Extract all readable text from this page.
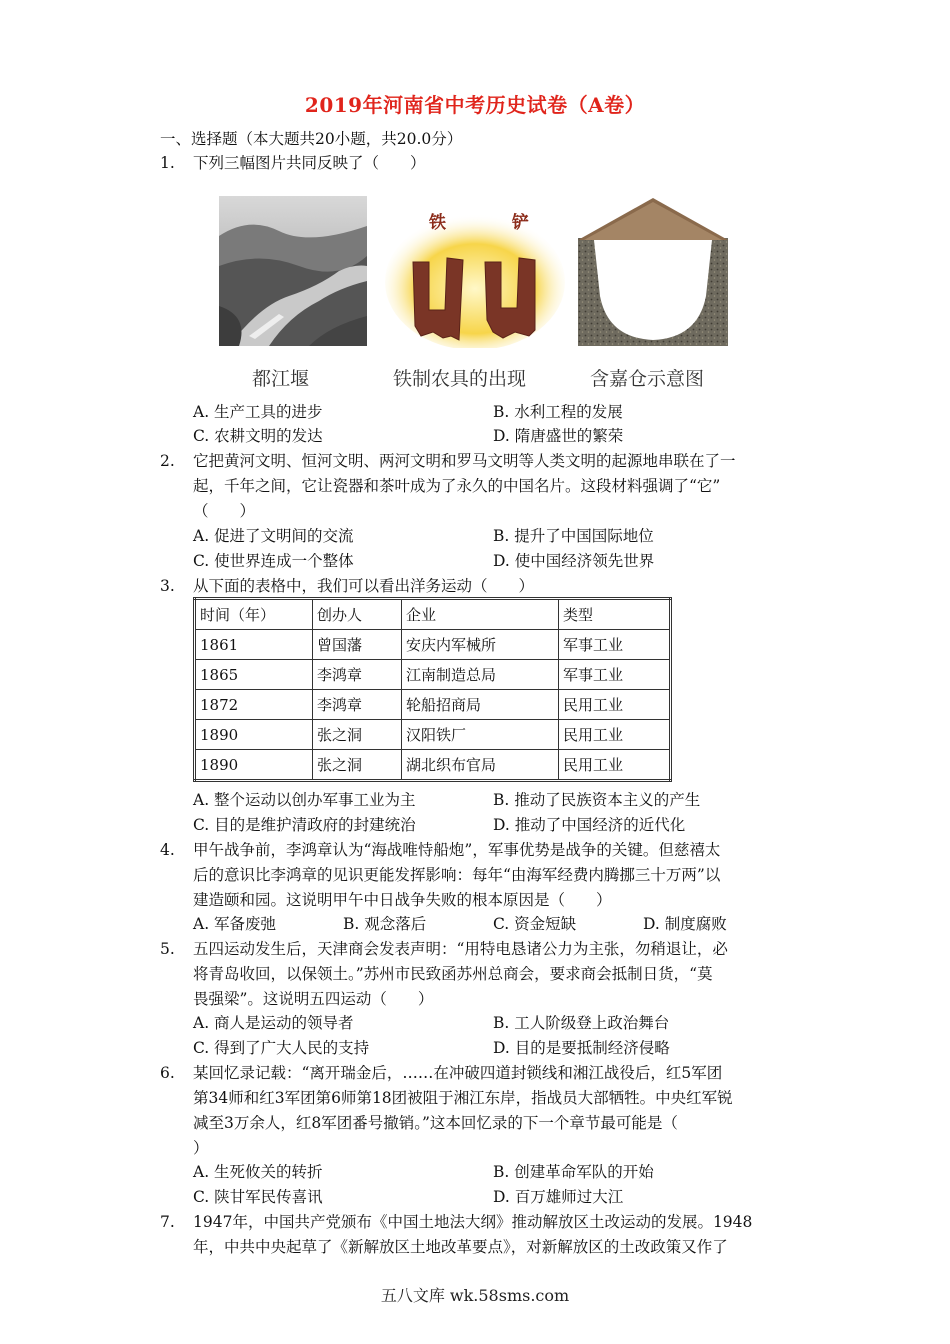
2019年河南省中考历史试卷（A卷）
一、选择题（本大题共20小题，共20.0分）
1. 下列三幅图片共同反映了（　　）
铁 铲
都江堰	铁制农具的出现	含嘉仓示意图
A. 生产工具的进步	B. 水利工程的发展
C. 农耕文明的发达	D. 隋唐盛世的繁荣
2. 它把黄河文明、恒河文明、两河文明和罗马文明等人类文明的起源地串联在了一
起，千年之间，它让瓷器和茶叶成为了永久的中国名片。这段材料强调了“它”
（　　）
A. 促进了文明间的交流	B. 提升了中国国际地位
C. 使世界连成一个整体	D. 使中国经济领先世界
3. 从下面的表格中，我们可以看出洋务运动（　　）
时间（年）	创办人	企业	类型
1861	曾国藩	安庆内军械所	军事工业
1865	李鸿章	江南制造总局	军事工业
1872	李鸿章	轮船招商局	民用工业
1890	张之洞	汉阳铁厂	民用工业
1890	张之洞	湖北织布官局	民用工业
A. 整个运动以创办军事工业为主	B. 推动了民族资本主义的产生
C. 目的是维护清政府的封建统治	D. 推动了中国经济的近代化
4. 甲午战争前，李鸿章认为“海战唯恃船炮”，军事优势是战争的关键。但慈禧太
后的意识比李鸿章的见识更能发挥影响：每年“由海军经费内腾挪三十万两”以
建造颐和园。这说明甲午中日战争失败的根本原因是（　　）
A. 军备废弛	B. 观念落后	C. 资金短缺	D. 制度腐败
5. 五四运动发生后，天津商会发表声明：“用特电恳诸公力为主张，勿稍退让，必
将青岛收回，以保领土。”苏州市民致函苏州总商会，要求商会抵制日货，“莫
畏强梁”。这说明五四运动（　　）
A. 商人是运动的领导者	B. 工人阶级登上政治舞台
C. 得到了广大人民的支持	D. 目的是要抵制经济侵略
6. 某回忆录记载：“离开瑞金后，……在冲破四道封锁线和湘江战役后，红5军团
第34师和红3军团第6师第18团被阻于湘江东岸，指战员大部牺牲。中央红军锐
减至3万余人，红8军团番号撤销。”这本回忆录的下一个章节最可能是（
）
A. 生死攸关的转折	B. 创建革命军队的开始
C. 陕甘军民传喜讯	D. 百万雄师过大江
7. 1947年，中国共产党颁布《中国土地法大纲》推动解放区土改运动的发展。1948
年，中共中央起草了《新解放区土地改革要点》，对新解放区的土改政策又作了
五八文库 wk.58sms.com
